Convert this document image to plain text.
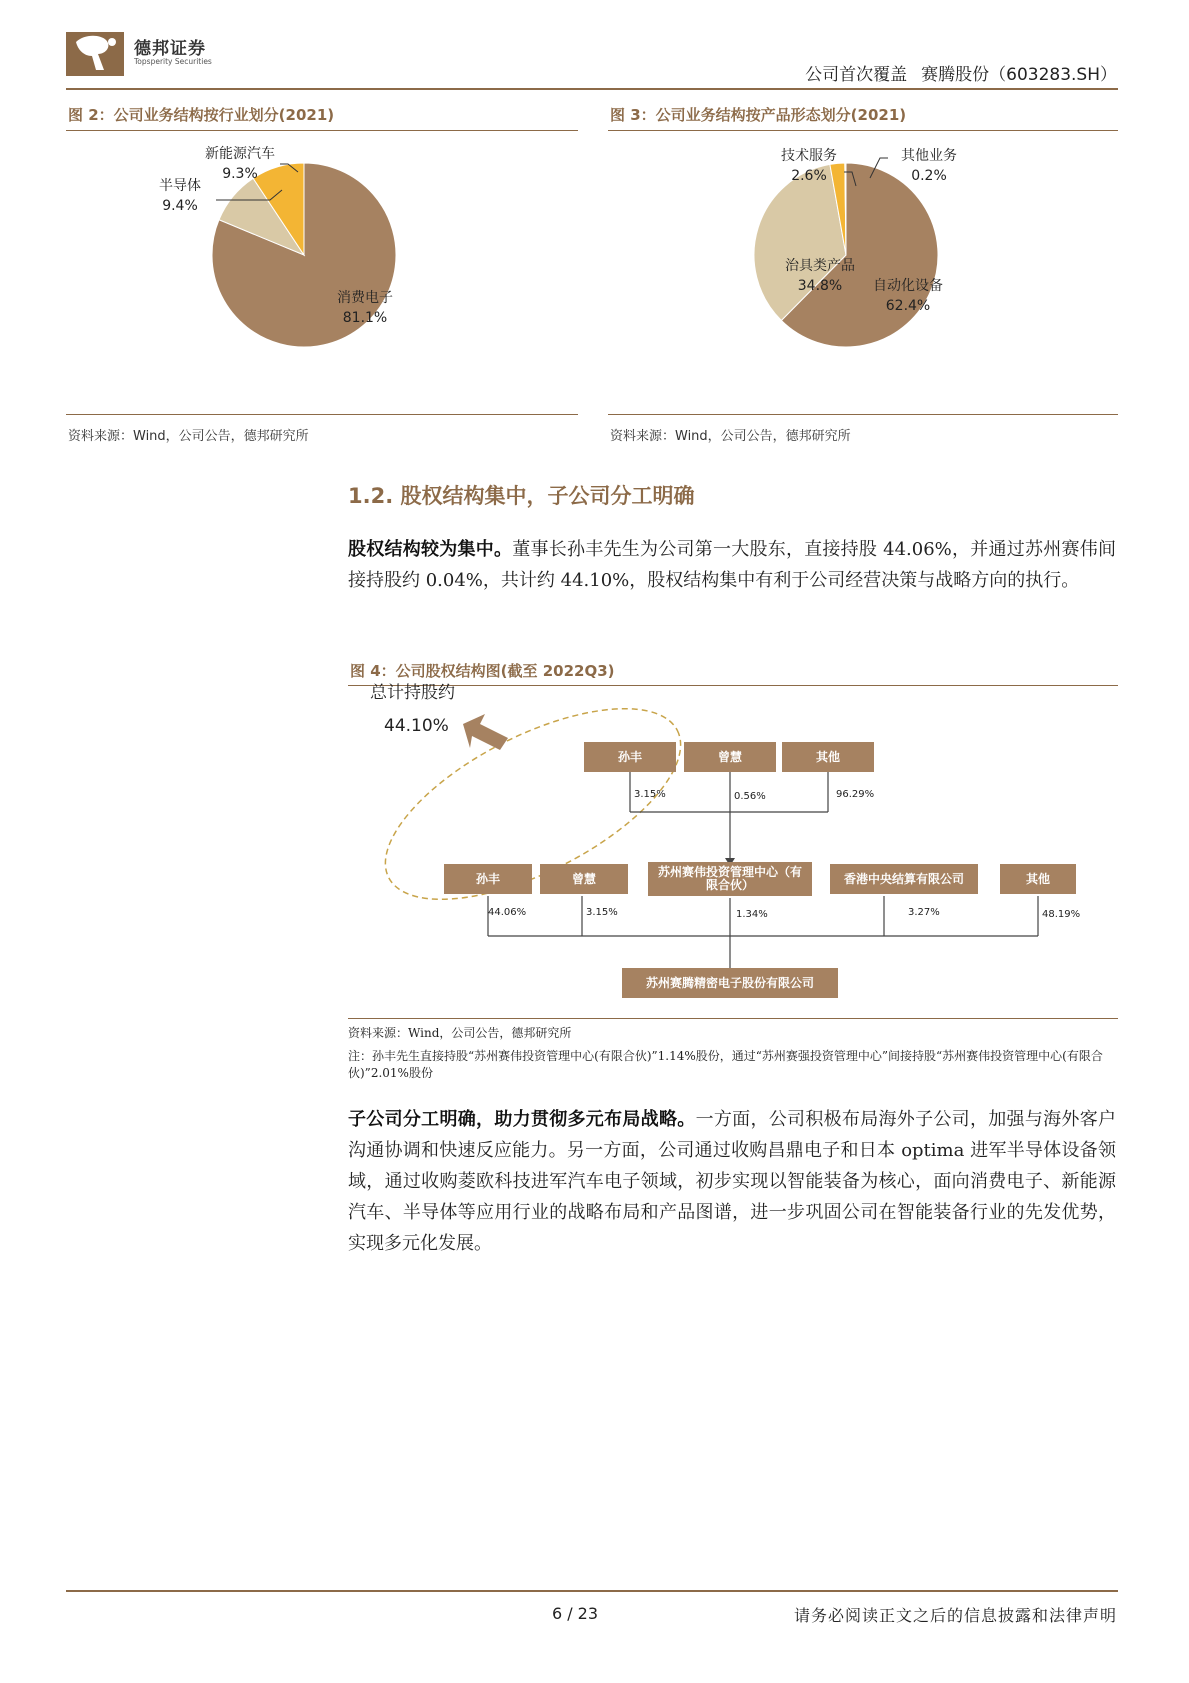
德邦证券
Topsperity Securities
公司首次覆盖 赛腾股份（603283.SH）
图 2：公司业务结构按行业划分(2021)
新能源汽车
9.3%
半导体
9.4%
消费电子
81.1%
资料来源：Wind，公司公告，德邦研究所
图 3：公司业务结构按产品形态划分(2021)
技术服务
2.6%
其他业务
0.2%
治具类产品
34.8%	自动化设备
62.4%
资料来源：Wind，公司公告，德邦研究所
1.2. 股权结构集中，子公司分工明确
股权结构较为集中。董事长孙丰先生为公司第一大股东，直接持股 44.06%，并通过苏州赛伟间接持股约 0.04%，共计约 44.10%，股权结构集中有利于公司经营决策与战略方向的执行。
图 4：公司股权结构图(截至 2022Q3)
总计持股约
44.10%
孙丰	曾慧	其他
3.15%	0.56%	96.29%
孙丰	曾慧	苏州赛伟投资管理中心（有限合伙）	香港中央结算有限公司	其他
44.06%	3.15%	1.34%	3.27%	48.19%
苏州赛腾精密电子股份有限公司
资料来源：Wind，公司公告，德邦研究所
注：孙丰先生直接持股“苏州赛伟投资管理中心(有限合伙)”1.14%股份，通过“苏州赛强投资管理中心”间接持股“苏州赛伟投资管理中心(有限合伙)”2.01%股份
子公司分工明确，助力贯彻多元布局战略。一方面，公司积极布局海外子公司，加强与海外客户沟通协调和快速反应能力。另一方面，公司通过收购昌鼎电子和日本 optima 进军半导体设备领域，通过收购菱欧科技进军汽车电子领域，初步实现以智能装备为核心，面向消费电子、新能源汽车、半导体等应用行业的战略布局和产品图谱，进一步巩固公司在智能装备行业的先发优势，实现多元化发展。
6 / 23	请务必阅读正文之后的信息披露和法律声明
